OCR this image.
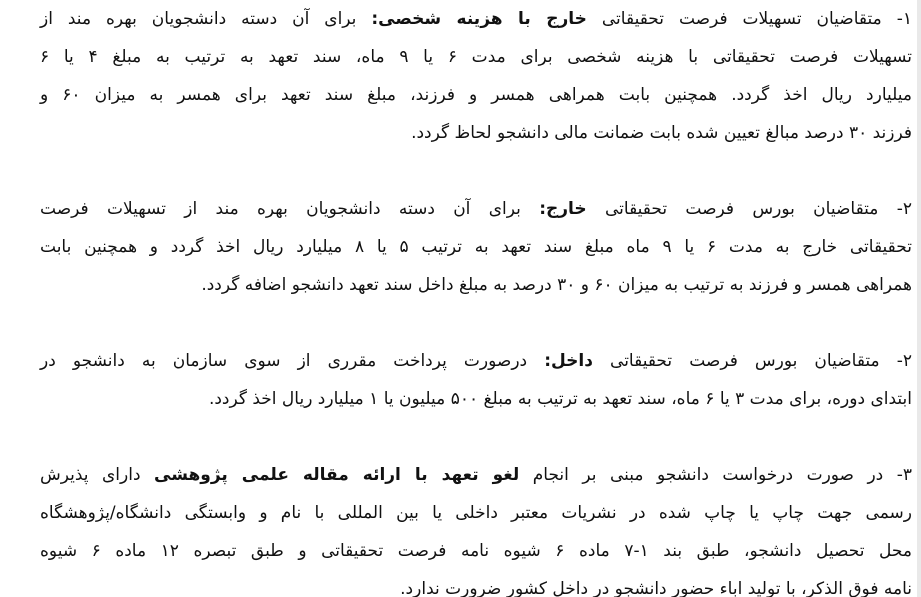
۱- متقاضیان تسهیلات فرصت تحقیقاتی خارج با هزینه شخصی: برای آن دسته دانشجویان بهره مند از
تسهیلات فرصت تحقیقاتی با هزینه شخصی برای مدت ۶ یا ۹ ماه، سند تعهد به ترتیب به مبلغ ۴ یا ۶
میلیارد ریال اخذ گردد. همچنین بابت همراهی همسر و فرزند، مبلغ سند تعهد برای همسر به میزان ۶۰ و
فرزند ۳۰ درصد مبالغ تعیین شده بابت ضمانت مالی دانشجو لحاظ گردد.
۲- متقاضیان بورس فرصت تحقیقاتی خارج: برای آن دسته دانشجویان بهره مند از تسهیلات فرصت
تحقیقاتی خارج به مدت ۶ یا ۹ ماه مبلغ سند تعهد به ترتیب ۵ یا ۸ میلیارد ریال اخذ گردد و همچنین بابت
همراهی همسر و فرزند به ترتیب به میزان ۶۰ و ۳۰ درصد به مبلغ داخل سند تعهد دانشجو اضافه گردد.
۲- متقاضیان بورس فرصت تحقیقاتی داخل: درصورت پرداخت مقرری از سوی سازمان به دانشجو در
ابتدای دوره، برای مدت ۳ یا ۶ ماه، سند تعهد به ترتیب به مبلغ ۵۰۰ میلیون یا ۱ میلیارد ریال اخذ گردد.
۳- در صورت درخواست دانشجو مبنی بر انجام لغو تعهد با ارائه مقاله علمی پژوهشی دارای پذیرش
رسمی جهت چاپ یا چاپ شده در نشریات معتبر داخلی یا بین المللی با نام و وابستگی دانشگاه/پژوهشگاه
محل تحصیل دانشجو، طبق بند ۱-۷ ماده ۶ شیوه نامه فرصت تحقیقاتی و طبق تبصره ۱۲ ماده ۶ شیوه
نامه فوق الذکر، با تولید اباء حضور دانشجو در داخل کشور ضرورت ندارد.
